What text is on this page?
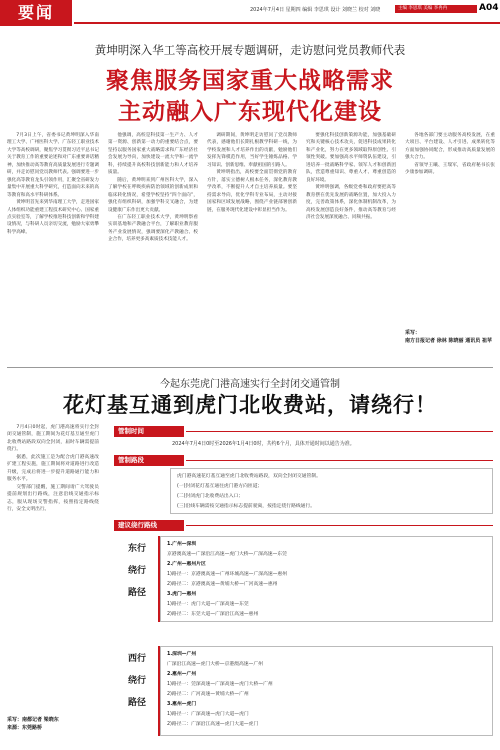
要闻	2024年7月4日 星期四 编辑 李思琪 设计 刘晓兰 校对 刘晓	主编 李思琪 美编 李冉冉	A04
黄坤明深入华工等高校开展专题调研，走访慰问党员教师代表
聚焦服务国家重大战略需求
主动融入广东现代化建设

7月3日上午，省委书记黄坤明深入华南理工大学、广州医科大学、广东轻工职业技术大学等高校调研，聚焦学习贯彻习近平总书记关于教育工作的重要论述和对广东重要讲话精神，加快推动高等教育高质量发展进行专题调研，并走访慰问党员教师代表。强调要进一步强化高等教育龙头引领作用，汇聚全省研发力量集中开展重大科学研究，打造面向未来的高等教育和高水平科研体系。

黄坤明首先来到华南理工大学，走进国家人体组织功能重建工程技术研究中心、国家重点实验室等，了解学校推进科技创新和学科建设情况，与科研人员亲切交流，勉励大家勇攀科学高峰。

他强调，高校是科技第一生产力、人才第一资源、创新第一动力的重要结合点，要坚持以服务国家重大战略需求和广东经济社会发展为导向，加快建设一流大学和一流学科，持续提升高校科技创新能力和人才培养质量。

随后，黄坤明来到广州医科大学，深入了解学校在呼吸疾病防治领域的创新成果和临床转化情况，希望学校坚持“四个面向”，强化有组织科研，加强学科交叉融合，为建设健康广东作出更大贡献。

在广东轻工职业技术大学，黄坤明察看实训基地和产教融合平台，了解职业教育服务产业发展情况，强调要深化产教融合、校企合作，培养更多高素质技术技能人才。

调研期间，黄坤明走访慰问了党员教师代表，感谢他们长期扎根教学科研一线，为学校发展和人才培养作出的贡献，勉励他们发挥先锋模范作用，当好学生锤炼品格、学习知识、创新思维、奉献祖国的引路人。

黄坤明指出，高校要全面贯彻党的教育方针，落实立德树人根本任务，深化教育教学改革，不断提升人才自主培养质量。要坚持需求导向，优化学科专业布局，主动对接国家和区域发展战略，围绕产业链部署创新链，在服务现代化建设中彰显担当作为。

要强化科技创新策源功能，加强基础研究和关键核心技术攻关，促进科技成果转化和产业化，努力在更多领域取得原创性、引领性突破。要加强高水平师资队伍建设，引进培养一批战略科学家、领军人才和创新团队，营造尊重知识、尊重人才、尊重创造的良好环境。

黄坤明强调，各级党委和政府要把高等教育摆在优先发展的战略位置，加大投入力度，完善政策体系，深化体制机制改革，为高校发展创造良好条件，推动高等教育与经济社会发展深度融合、同频共振。

各地各部门要主动服务高校发展，在重大项目、平台建设、人才引进、成果转化等方面加强协同配合，形成推动高质量发展的强大合力。

省领导王曦、王瑞军，省政府秘书长张少康参加调研。

采写：
南方日报记者 徐林 陈晓丽 通讯员 祖苹
今起东莞虎门港高速实行全封闭交通管制
花灯基互通到虎门北收费站，请绕行！

7月4日0时起，虎门港高速将实行全封闭交通管制，施工期间为花灯基互通至虎门北收费站路段双向全封闭，届时车辆需提前绕行。

据悉，此次施工是为配合虎门港高速改扩建工程实施，施工期间将对道路进行改造升级，完成后将进一步提升道路通行能力和服务水平。

交警部门提醒，施工期间请广大驾驶员提前规划出行路线，注意沿线交通指示标志，服从现场交警指挥，按照指定路线绕行，安全文明出行。

采写：南都记者 梁晓东
来源：东莞路桥
管制时间
2024年7月4日0时至2026年1月4日0时，共约6个月，具体开通时间以通告为准。
管制路段
虎门港高速花灯基互通至虎门北收费站路段，双向全封闭交通管制。
(一)封闭花灯基互通往虎门港方向匝道；
(二)封闭虎门北收费站出入口；
(三)沿线车辆需按交通指示标志提前驶离，按指定绕行路线通行。
建议绕行路线
东行
绕行
路径
1.广州—深圳
京港澳高速—广深沿江高速—虎门大桥—广深高速—东莞
2.广州—惠州片区
1)路径一：京港澳高速—广州环城高速—广深高速—惠州
2)路径二：京港澳高速—黄埔大桥—广河高速—惠州
3.虎门—惠州
1)路径一：虎门大道—广深高速—东莞
2)路径二：东莞大道—广深沿江高速—惠州
西行
绕行
路径
1.深圳—广州
广深沿江高速—虎门大桥—京港澳高速—广州
2.惠州—广州
1)路径一：莞深高速—广深高速—虎门大桥—广州
2)路径二：广河高速—黄埔大桥—广州
3.惠州—虎门
1)路径一：广深高速—虎门大道—虎门
2)路径二：广深沿江高速—虎门大道—虎门
